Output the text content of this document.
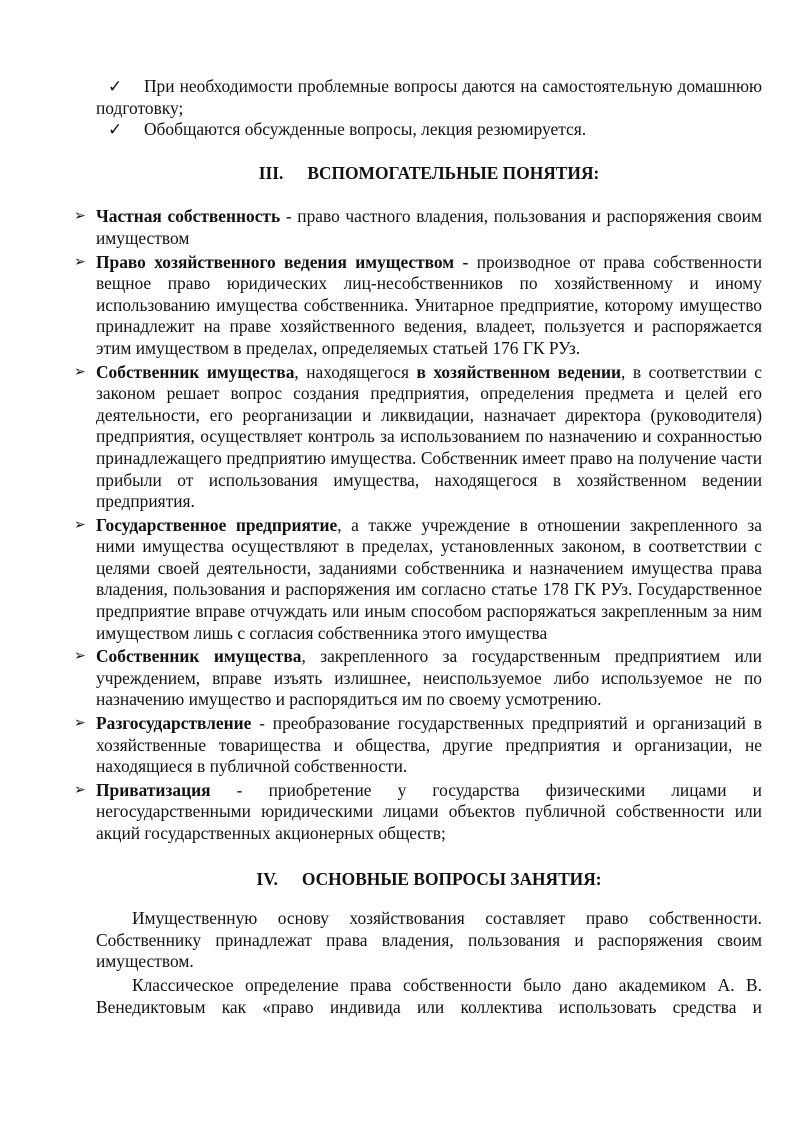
✓ При необходимости проблемные вопросы даются на самостоятельную домашнюю подготовку;
✓ Обобщаются обсужденные вопросы, лекция резюмируется.
III. ВСПОМОГАТЕЛЬНЫЕ ПОНЯТИЯ:
➢ Частная собственность - право частного владения, пользования и распоряжения своим имуществом
➢ Право хозяйственного ведения имуществом - производное от права собственности вещное право юридических лиц-несобственников по хозяйственному и иному использованию имущества собственника. Унитарное предприятие, которому имущество принадлежит на праве хозяйственного ведения, владеет, пользуется и распоряжается этим имуществом в пределах, определяемых статьей 176 ГК РУз.
➢ Собственник имущества, находящегося в хозяйственном ведении, в соответствии с законом решает вопрос создания предприятия, определения предмета и целей его деятельности, его реорганизации и ликвидации, назначает директора (руководителя) предприятия, осуществляет контроль за использованием по назначению и сохранностью принадлежащего предприятию имущества. Собственник имеет право на получение части прибыли от использования имущества, находящегося в хозяйственном ведении предприятия.
➢ Государственное предприятие, а также учреждение в отношении закрепленного за ними имущества осуществляют в пределах, установленных законом, в соответствии с целями своей деятельности, заданиями собственника и назначением имущества права владения, пользования и распоряжения им согласно статье 178 ГК РУз. Государственное предприятие вправе отчуждать или иным способом распоряжаться закрепленным за ним имуществом лишь с согласия собственника этого имущества
➢ Собственник имущества, закрепленного за государственным предприятием или учреждением, вправе изъять излишнее, неиспользуемое либо используемое не по назначению имущество и распорядиться им по своему усмотрению.
➢ Разгосударствление - преобразование государственных предприятий и организаций в хозяйственные товарищества и общества, другие предприятия и организации, не находящиеся в публичной собственности.
➢ Приватизация - приобретение у государства физическими лицами и негосударственными юридическими лицами объектов публичной собственности или акций государственных акционерных обществ;
IV. ОСНОВНЫЕ ВОПРОСЫ ЗАНЯТИЯ:

Имущественную основу хозяйствования составляет право собственности. Собственнику принадлежат права владения, пользования и распоряжения своим имуществом.

Классическое определение права собственности было дано академиком А. В. Венедиктовым как «право индивида или коллектива использовать средства и
